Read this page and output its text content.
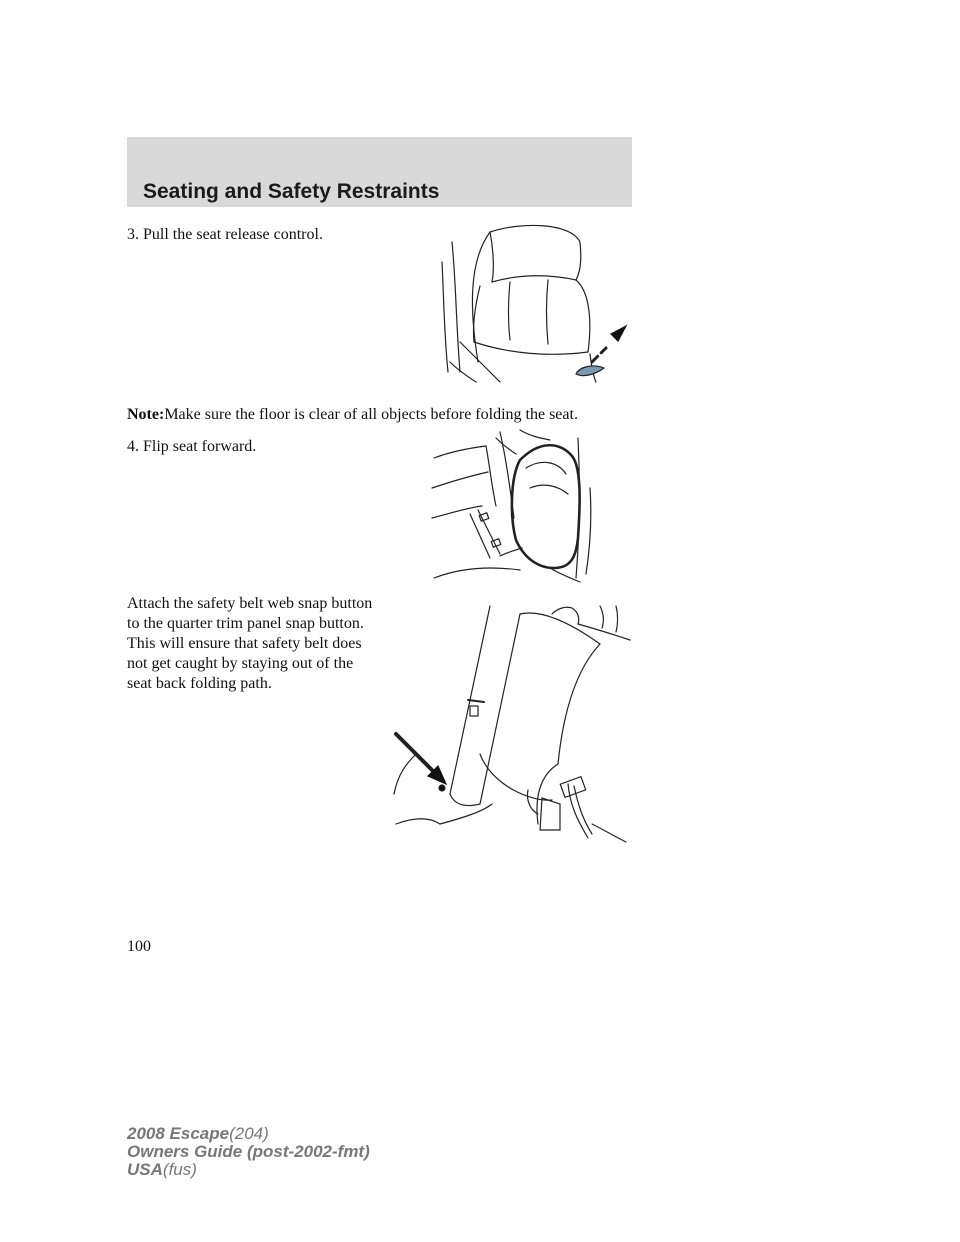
Seating and Safety Restraints

3. Pull the seat release control.

Note:Make sure the floor is clear of all objects before folding the seat.

4. Flip seat forward.

Attach the safety belt web snap button to the quarter trim panel snap button. This will ensure that safety belt does not get caught by staying out of the seat back folding path.

100

2008 Escape(204)
Owners Guide (post-2002-fmt)
USA(fus)
